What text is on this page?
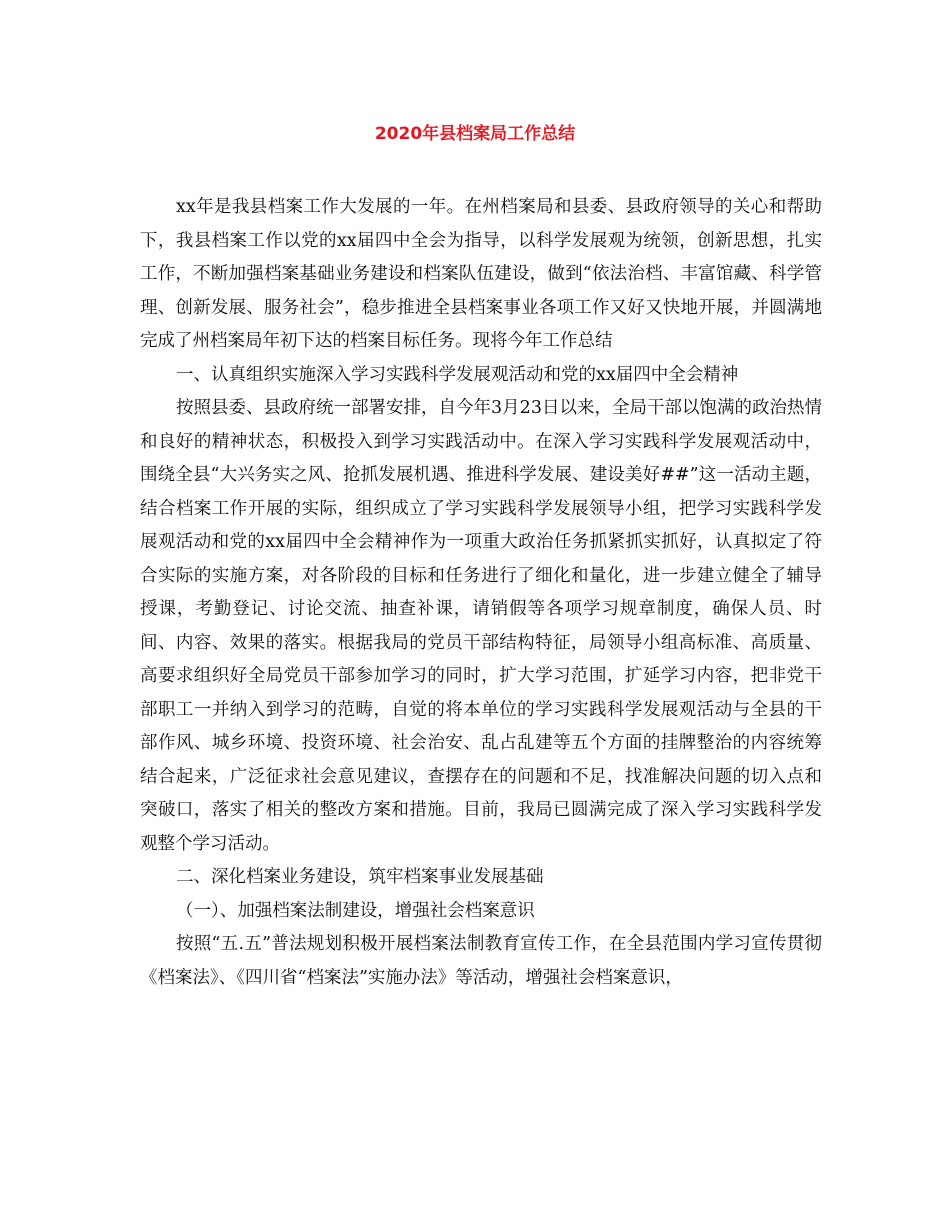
2020年县档案局工作总结

xx年是我县档案工作大发展的一年。在州档案局和县委、县政府领导的关心和帮助下，我县档案工作以党的xx届四中全会为指导，以科学发展观为统领，创新思想，扎实工作，不断加强档案基础业务建设和档案队伍建设，做到“依法治档、丰富馆藏、科学管理、创新发展、服务社会”，稳步推进全县档案事业各项工作又好又快地开展，并圆满地完成了州档案局年初下达的档案目标任务。现将今年工作总结

一、认真组织实施深入学习实践科学发展观活动和党的xx届四中全会精神

按照县委、县政府统一部署安排，自今年3月23日以来，全局干部以饱满的政治热情和良好的精神状态，积极投入到学习实践活动中。在深入学习实践科学发展观活动中，围绕全县“大兴务实之风、抢抓发展机遇、推进科学发展、建设美好##”这一活动主题，结合档案工作开展的实际，组织成立了学习实践科学发展领导小组，把学习实践科学发展观活动和党的xx届四中全会精神作为一项重大政治任务抓紧抓实抓好，认真拟定了符合实际的实施方案，对各阶段的目标和任务进行了细化和量化，进一步建立健全了辅导授课，考勤登记、讨论交流、抽查补课，请销假等各项学习规章制度，确保人员、时间、内容、效果的落实。根据我局的党员干部结构特征，局领导小组高标准、高质量、高要求组织好全局党员干部参加学习的同时，扩大学习范围，扩延学习内容，把非党干部职工一并纳入到学习的范畴，自觉的将本单位的学习实践科学发展观活动与全县的干部作风、城乡环境、投资环境、社会治安、乱占乱建等五个方面的挂牌整治的内容统筹结合起来，广泛征求社会意见建议，查摆存在的问题和不足，找准解决问题的切入点和突破口，落实了相关的整改方案和措施。目前，我局已圆满完成了深入学习实践科学发观整个学习活动。

二、深化档案业务建设，筑牢档案事业发展基础

（一）、加强档案法制建设，增强社会档案意识

按照“五.五”普法规划积极开展档案法制教育宣传工作，在全县范围内学习宣传贯彻《档案法》、《四川省“档案法”实施办法》等活动，增强社会档案意识，
